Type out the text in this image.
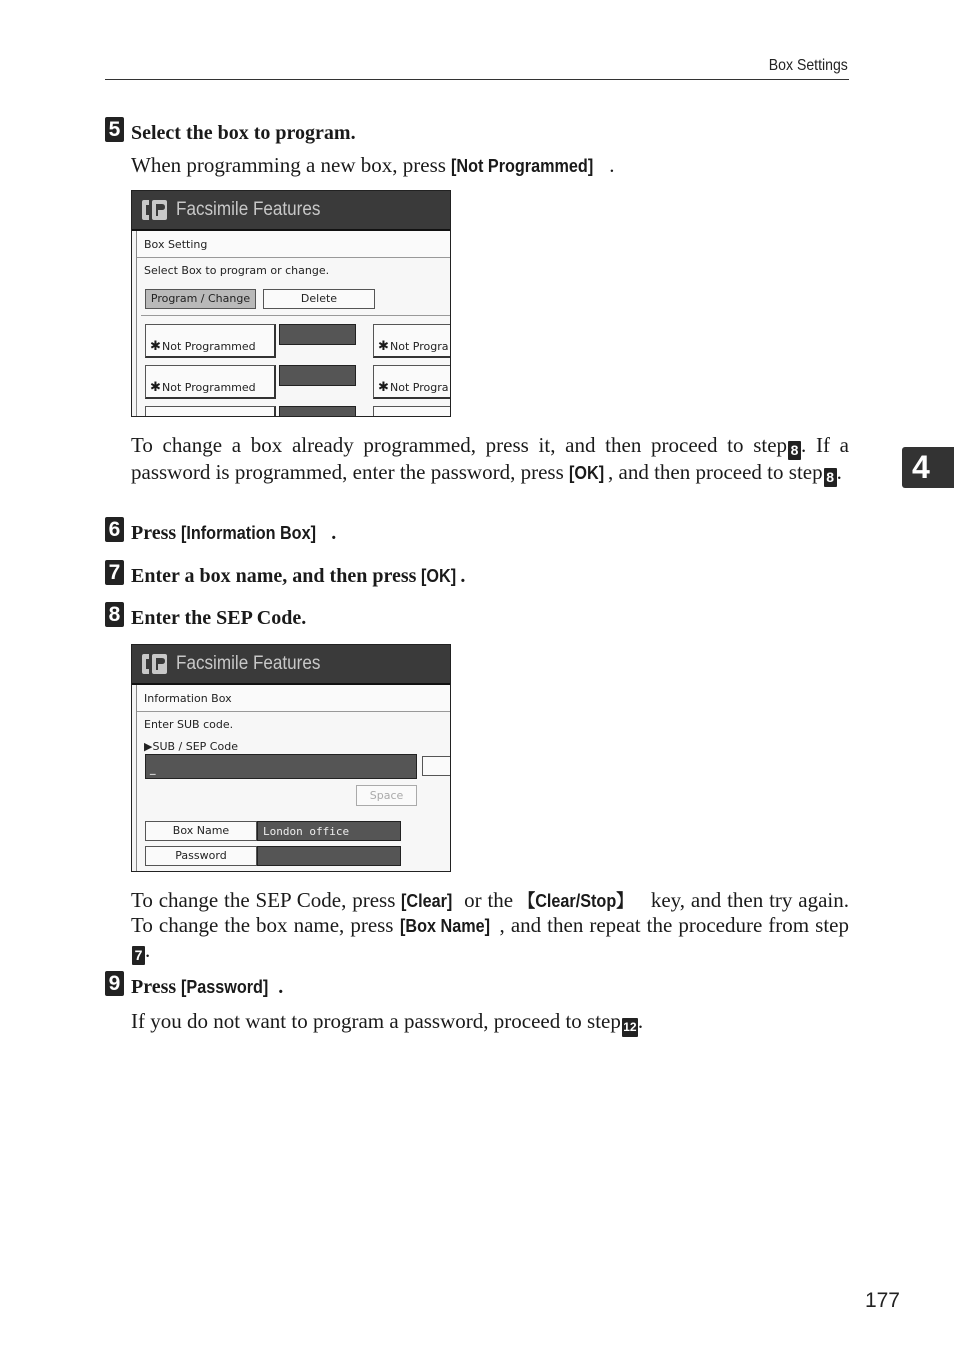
Box Settings
5 Select the box to program.
When programming a new box, press [Not Programmed] .
Facsimile Features
Box Setting
Select Box to program or change.
Program / Change	Delete
✱ Not Programmed	✱ Not Progra
✱ Not Programmed	✱ Not Progra
To change a box already programmed, press it, and then proceed to step 8 . If a password is programmed, enter the password, press [OK] , and then proceed to step 8 .
6 Press [Information Box] .
7 Enter a box name, and then press [OK] .
8 Enter the SEP Code.
Facsimile Features
Information Box
Enter SUB code.
▶SUB / SEP Code
_
Space
Box Name	London office
Password
To change the SEP Code, press [Clear] or the 【Clear/Stop】 key, and then try again. To change the box name, press [Box Name] , and then repeat the procedure from step7 .
9 Press [Password] .
If you do not want to program a password, proceed to step 12.
4
177
